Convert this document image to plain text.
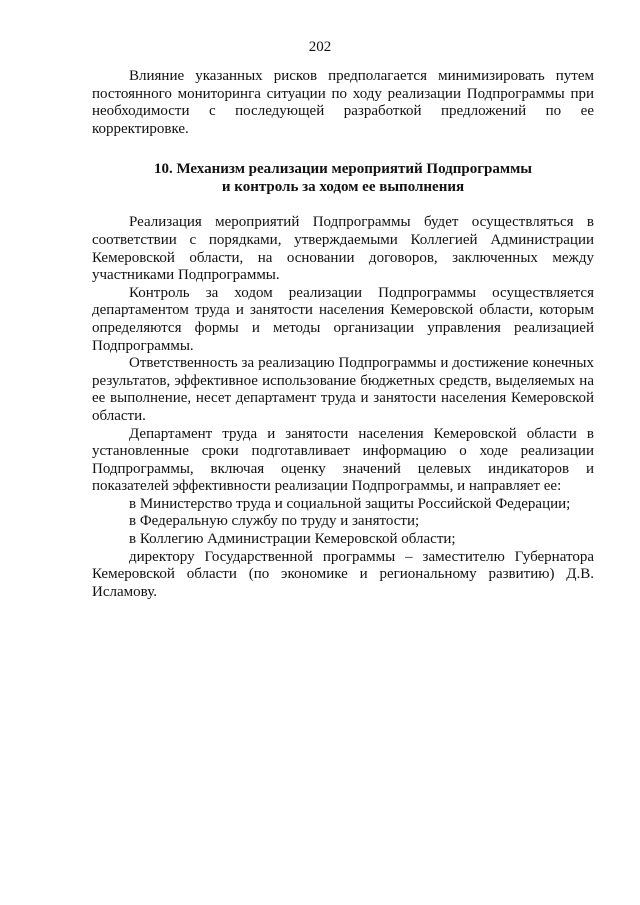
202

Влияние указанных рисков предполагается минимизировать путем постоянного мониторинга ситуации по ходу реализации Подпрограммы при необходимости с последующей разработкой предложений по ее корректировке.

10. Механизм реализации мероприятий Подпрограммы
и контроль за ходом ее выполнения

Реализация мероприятий Подпрограммы будет осуществляться в соответствии с порядками, утверждаемыми Коллегией Администрации Кемеровской области, на основании договоров, заключенных между участниками Подпрограммы.

Контроль за ходом реализации Подпрограммы осуществляется департаментом труда и занятости населения Кемеровской области, которым определяются формы и методы организации управления реализацией Подпрограммы.

Ответственность за реализацию Подпрограммы и достижение конечных результатов, эффективное использование бюджетных средств, выделяемых на ее выполнение, несет департамент труда и занятости населения Кемеровской области.

Департамент труда и занятости населения Кемеровской области в установленные сроки подготавливает информацию о ходе реализации Подпрограммы, включая оценку значений целевых индикаторов и показателей эффективности реализации Подпрограммы, и направляет ее:

в Министерство труда и социальной защиты Российской Федерации;

в Федеральную службу по труду и занятости;

в Коллегию Администрации Кемеровской области;

директору Государственной программы – заместителю Губернатора Кемеровской области (по экономике и региональному развитию) Д.В. Исламову.
